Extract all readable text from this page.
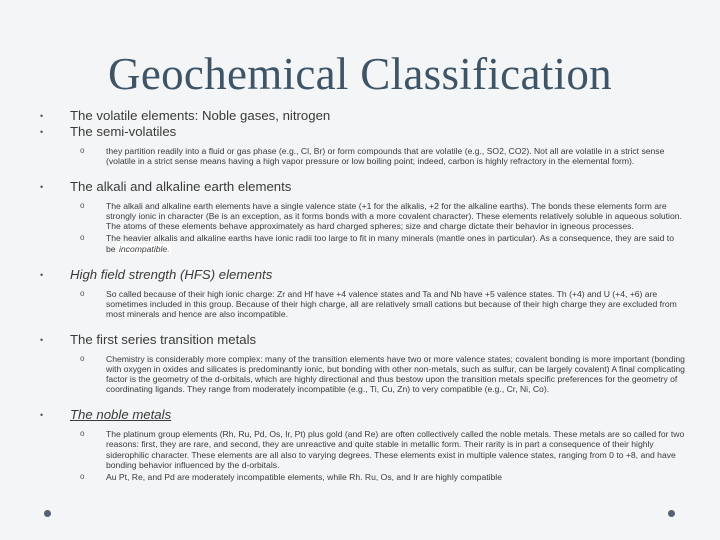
Geochemical Classification
• The volatile elements: Noble gases, nitrogen
• The semi-volatiles
o	they partition readily into a fluid or gas phase (e.g., Cl, Br) or form compounds that are volatile (e.g., SO2, CO2). Not all are volatile in a strict sense (volatile in a strict sense means having a high vapor pressure or low boiling point; indeed, carbon is highly refractory in the elemental form).
• The alkali and alkaline earth elements
o	The alkali and alkaline earth elements have a single valence state (+1 for the alkalis, +2 for the alkaline earths). The bonds these elements form are strongly ionic in character (Be is an exception, as it forms bonds with a more covalent character). These elements relatively soluble in aqueous solution. The atoms of these elements behave approximately as hard charged spheres; size and charge dictate their behavior in igneous processes.
o	The heavier alkalis and alkaline earths have ionic radii too large to fit in many minerals (mantle ones in particular). As a consequence, they are said to be incompatible.
• High field strength (HFS) elements
o	So called because of their high ionic charge: Zr and Hf have +4 valence states and Ta and Nb have +5 valence states. Th (+4) and U (+4, +6) are sometimes included in this group. Because of their high charge, all are relatively small cations but because of their high charge they are excluded from most minerals and hence are also incompatible.
• The first series transition metals
o	Chemistry is considerably more complex: many of the transition elements have two or more valence states; covalent bonding is more important (bonding with oxygen in oxides and silicates is predominantly ionic, but bonding with other non-metals, such as sulfur, can be largely covalent) A final complicating factor is the geometry of the d-orbitals, which are highly directional and thus bestow upon the transition metals specific preferences for the geometry of coordinating ligands. They range from moderately incompatible (e.g., Ti, Cu, Zn) to very compatible (e.g., Cr, Ni, Co).
• The noble metals
o	The platinum group elements (Rh, Ru, Pd, Os, Ir, Pt) plus gold (and Re) are often collectively called the noble metals. These metals are so called for two reasons: first, they are rare, and second, they are unreactive and quite stable in metallic form. Their rarity is in part a consequence of their highly siderophilic character. These elements are all also to varying degrees. These elements exist in multiple valence states, ranging from 0 to +8, and have bonding behavior influenced by the d-orbitals.
o	Au Pt, Re, and Pd are moderately incompatible elements, while Rh. Ru, Os, and Ir are highly compatible
